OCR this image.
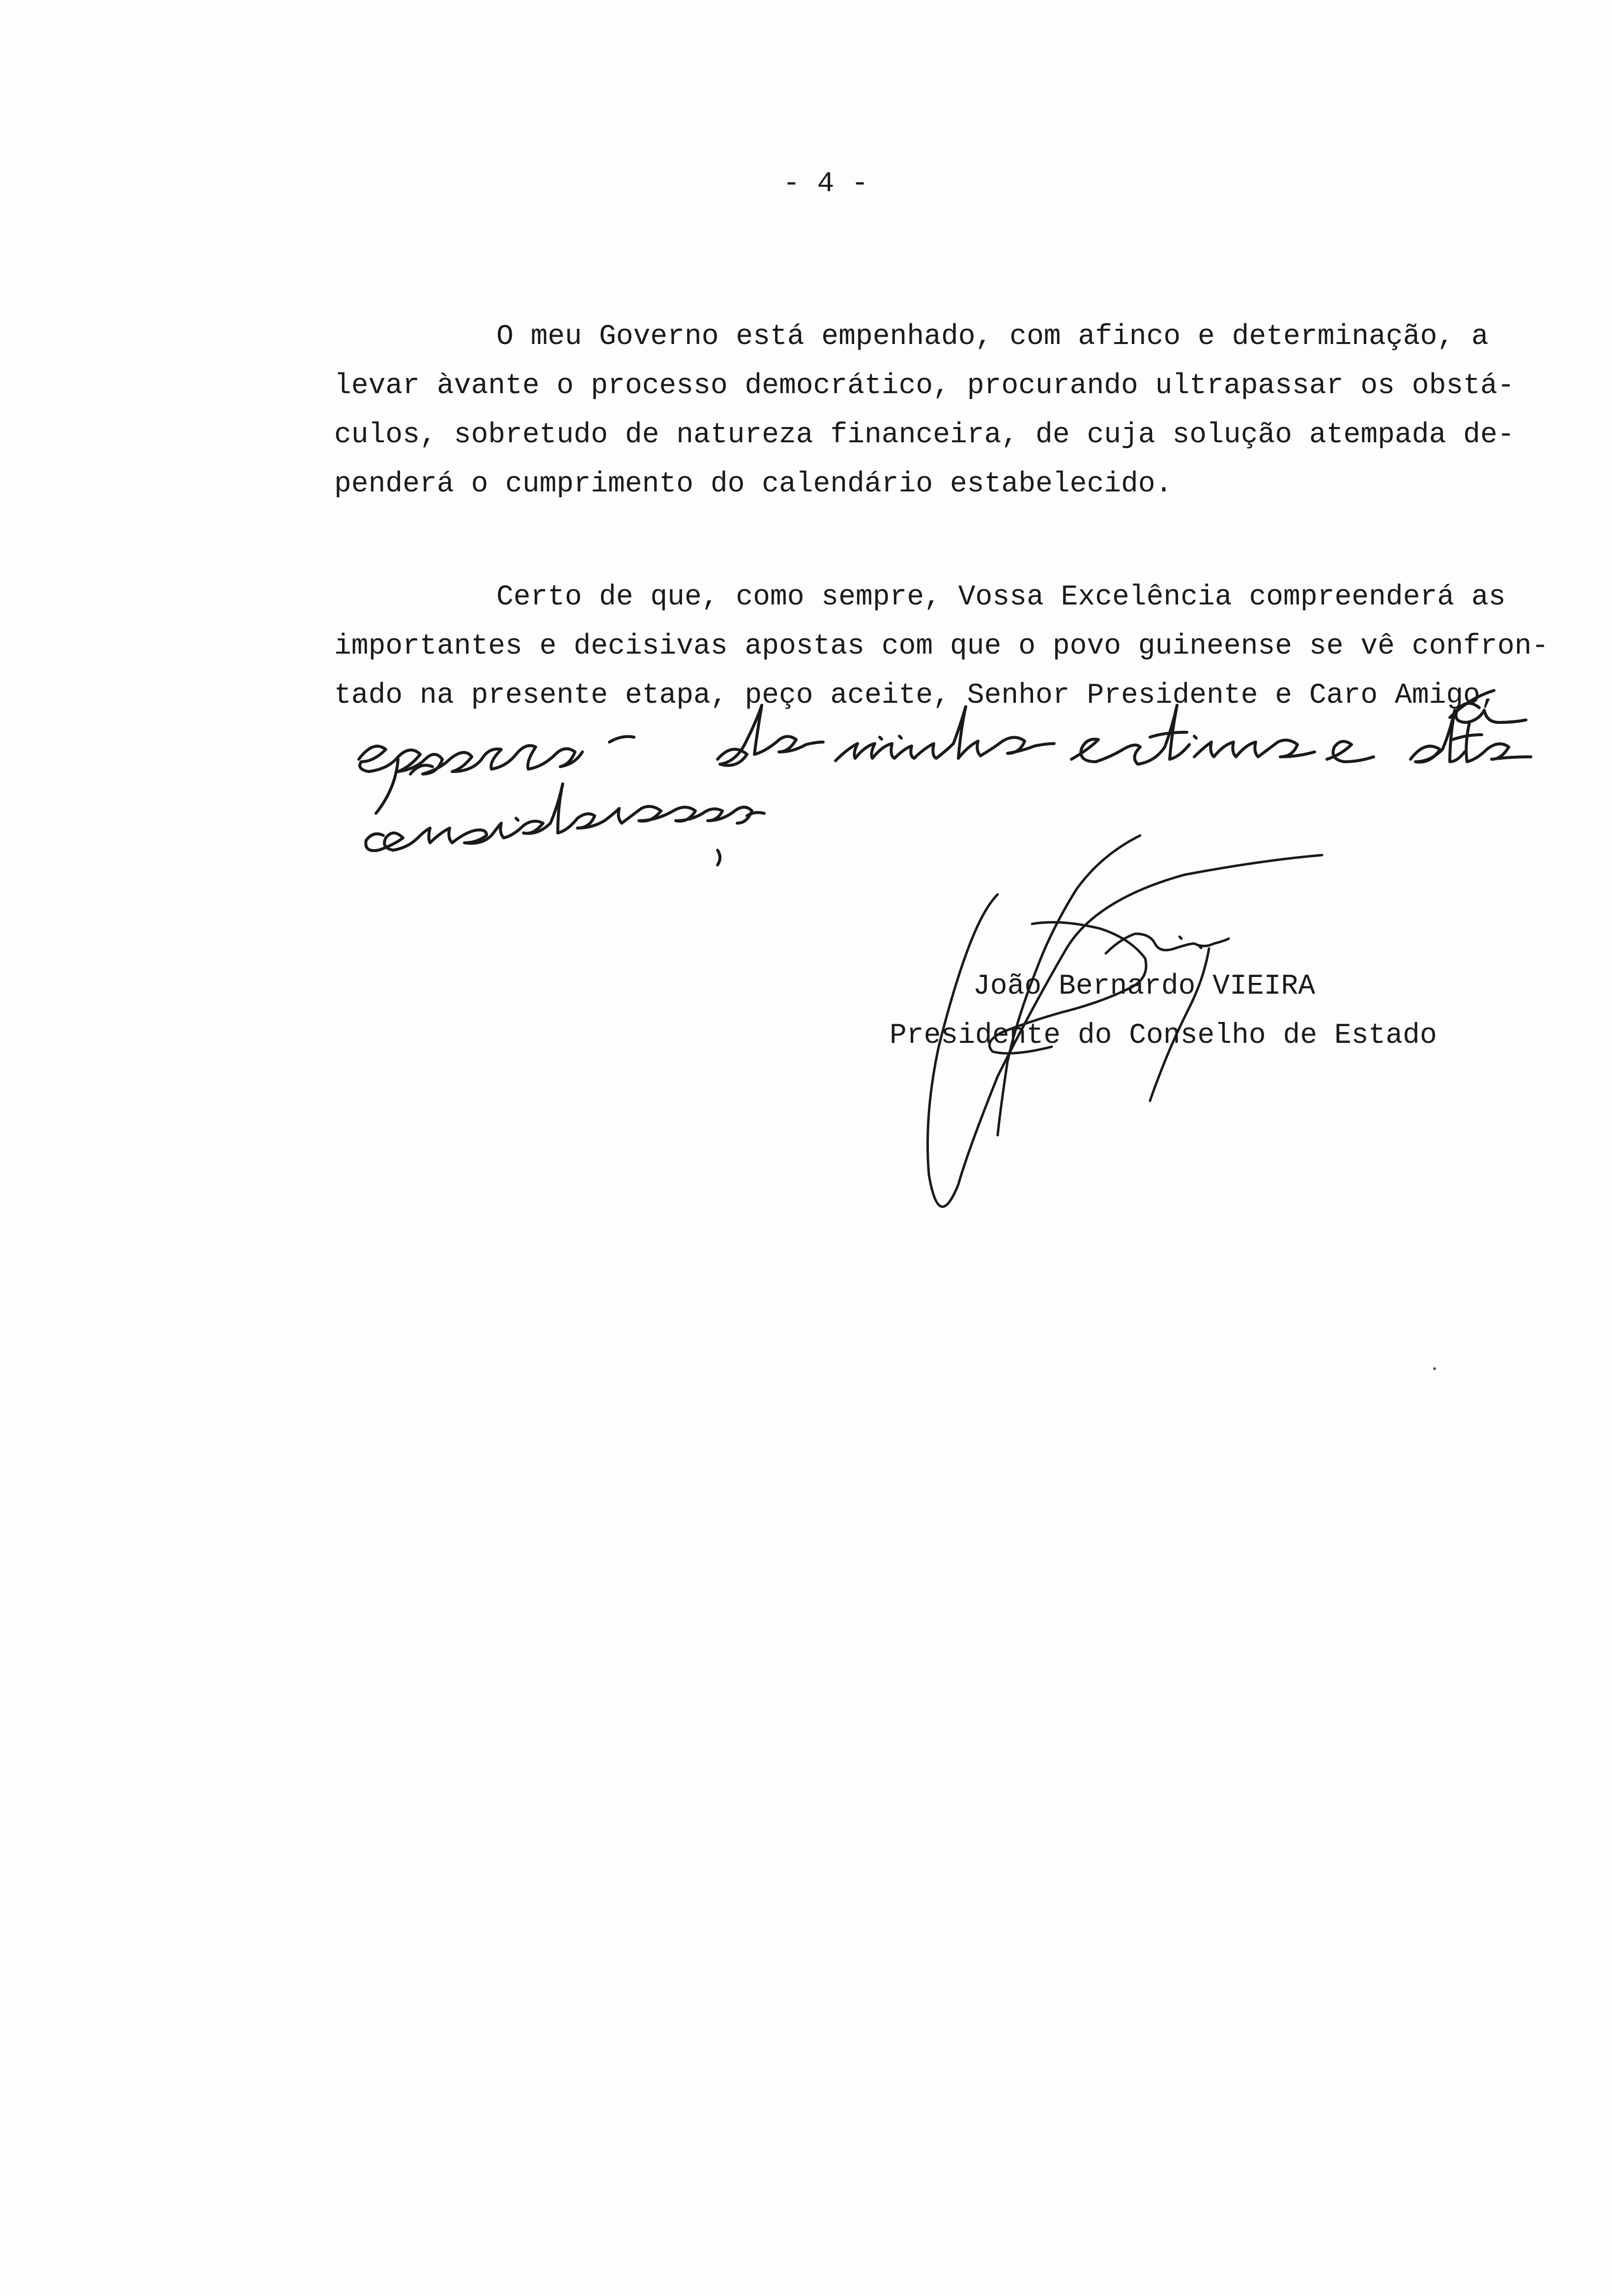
- 4 -
O meu Governo está empenhado, com afinco e determinação, a
levar àvante o processo democrático, procurando ultrapassar os obstá-
culos, sobretudo de natureza financeira, de cuja solução atempada de-
penderá o cumprimento do calendário estabelecido.
Certo de que, como sempre, Vossa Excelência compreenderá as
importantes e decisivas apostas com que o povo guineense se vê confron-
tado na presente etapa, peço aceite, Senhor Presidente e Caro Amigo,
João Bernardo VIEIRA
Presidente do Conselho de Estado
